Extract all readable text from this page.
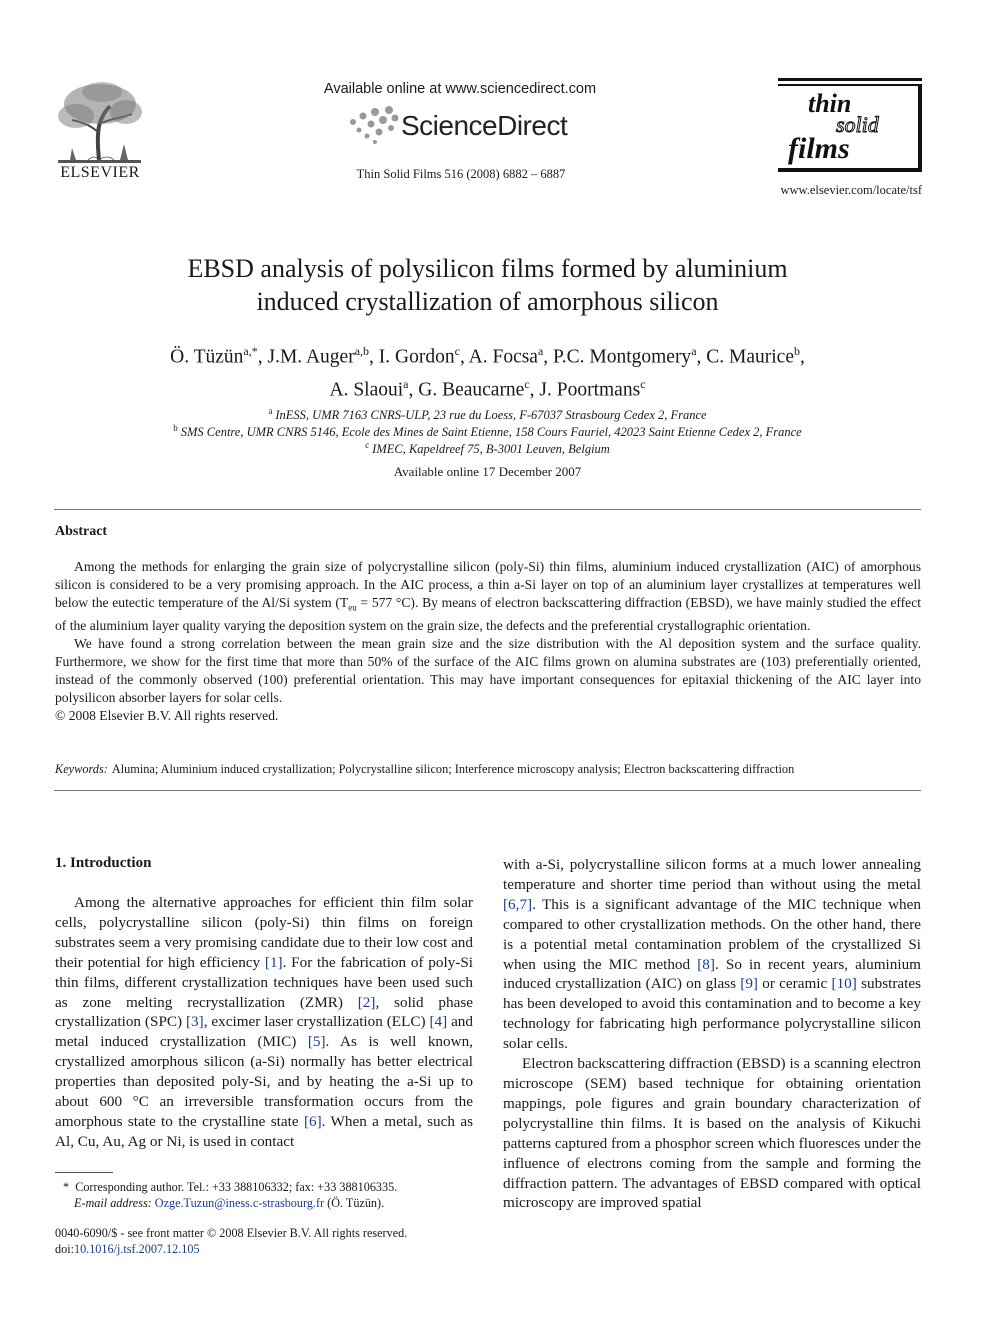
ELSEVIER
Available online at www.sciencedirect.com
ScienceDirect
Thin Solid Films 516 (2008) 6882 – 6887
thin
solid
films
www.elsevier.com/locate/tsf
EBSD analysis of polysilicon films formed by aluminium
induced crystallization of amorphous silicon
Ö. Tüzün$^{a,*}$, J.M. Auger$^{a,b}$, I. Gordon$^c$, A. Focsa$^a$, P.C. Montgomery$^a$, C. Maurice$^b$,
A. Slaoui$^a$, G. Beaucarne$^c$, J. Poortmans$^c$
$^a$ InESS, UMR 7163 CNRS-ULP, 23 rue du Loess, F-67037 Strasbourg Cedex 2, France
$^b$ SMS Centre, UMR CNRS 5146, Ecole des Mines de Saint Etienne, 158 Cours Fauriel, 42023 Saint Etienne Cedex 2, France
$^c$ IMEC, Kapeldreef 75, B-3001 Leuven, Belgium
Available online 17 December 2007
Abstract

Among the methods for enlarging the grain size of polycrystalline silicon (poly-Si) thin films, aluminium induced crystallization (AIC) of amorphous silicon is considered to be a very promising approach. In the AIC process, a thin a-Si layer on top of an aluminium layer crystallizes at temperatures well below the eutectic temperature of the Al/Si system ($T_{eu} = 577$ °C). By means of electron backscattering diffraction (EBSD), we have mainly studied the effect of the aluminium layer quality varying the deposition system on the grain size, the defects and the preferential crystallographic orientation.

We have found a strong correlation between the mean grain size and the size distribution with the Al deposition system and the surface quality. Furthermore, we show for the first time that more than 50% of the surface of the AIC films grown on alumina substrates are (103) preferentially oriented, instead of the commonly observed (100) preferential orientation. This may have important consequences for epitaxial thickening of the AIC layer into polysilicon absorber layers for solar cells.

© 2008 Elsevier B.V. All rights reserved.

Keywords: Alumina; Aluminium induced crystallization; Polycrystalline silicon; Interference microscopy analysis; Electron backscattering diffraction
1. Introduction

Among the alternative approaches for efficient thin film solar cells, polycrystalline silicon (poly-Si) thin films on foreign substrates seem a very promising candidate due to their low cost and their potential for high efficiency [1]. For the fabrication of poly-Si thin films, different crystallization techniques have been used such as zone melting recrystallization (ZMR) [2], solid phase crystallization (SPC) [3], excimer laser crystallization (ELC) [4] and metal induced crystallization (MIC) [5]. As is well known, crystallized amorphous silicon (a-Si) normally has better electrical properties than deposited poly-Si, and by heating the a-Si up to about 600 °C an irreversible transformation occurs from the amorphous state to the crystalline state [6]. When a metal, such as Al, Cu, Au, Ag or Ni, is used in contact

with a-Si, polycrystalline silicon forms at a much lower annealing temperature and shorter time period than without using the metal [6,7]. This is a significant advantage of the MIC technique when compared to other crystallization methods. On the other hand, there is a potential metal contamination problem of the crystallized Si when using the MIC method [8]. So in recent years, aluminium induced crystallization (AIC) on glass [9] or ceramic [10] substrates has been developed to avoid this contamination and to become a key technology for fabricating high performance polycrystalline silicon solar cells.

Electron backscattering diffraction (EBSD) is a scanning electron microscope (SEM) based technique for obtaining orientation mappings, pole figures and grain boundary characterization of polycrystalline thin films. It is based on the analysis of Kikuchi patterns captured from a phosphor screen which fluoresces under the influence of electrons coming from the sample and forming the diffraction pattern. The advantages of EBSD compared with optical microscopy are improved spatial

* Corresponding author. Tel.: +33 388106332; fax: +33 388106335.
E-mail address: Ozge.Tuzun@iness.c-strasbourg.fr (Ö. Tüzün).
0040-6090/$ - see front matter © 2008 Elsevier B.V. All rights reserved.
doi:10.1016/j.tsf.2007.12.105
